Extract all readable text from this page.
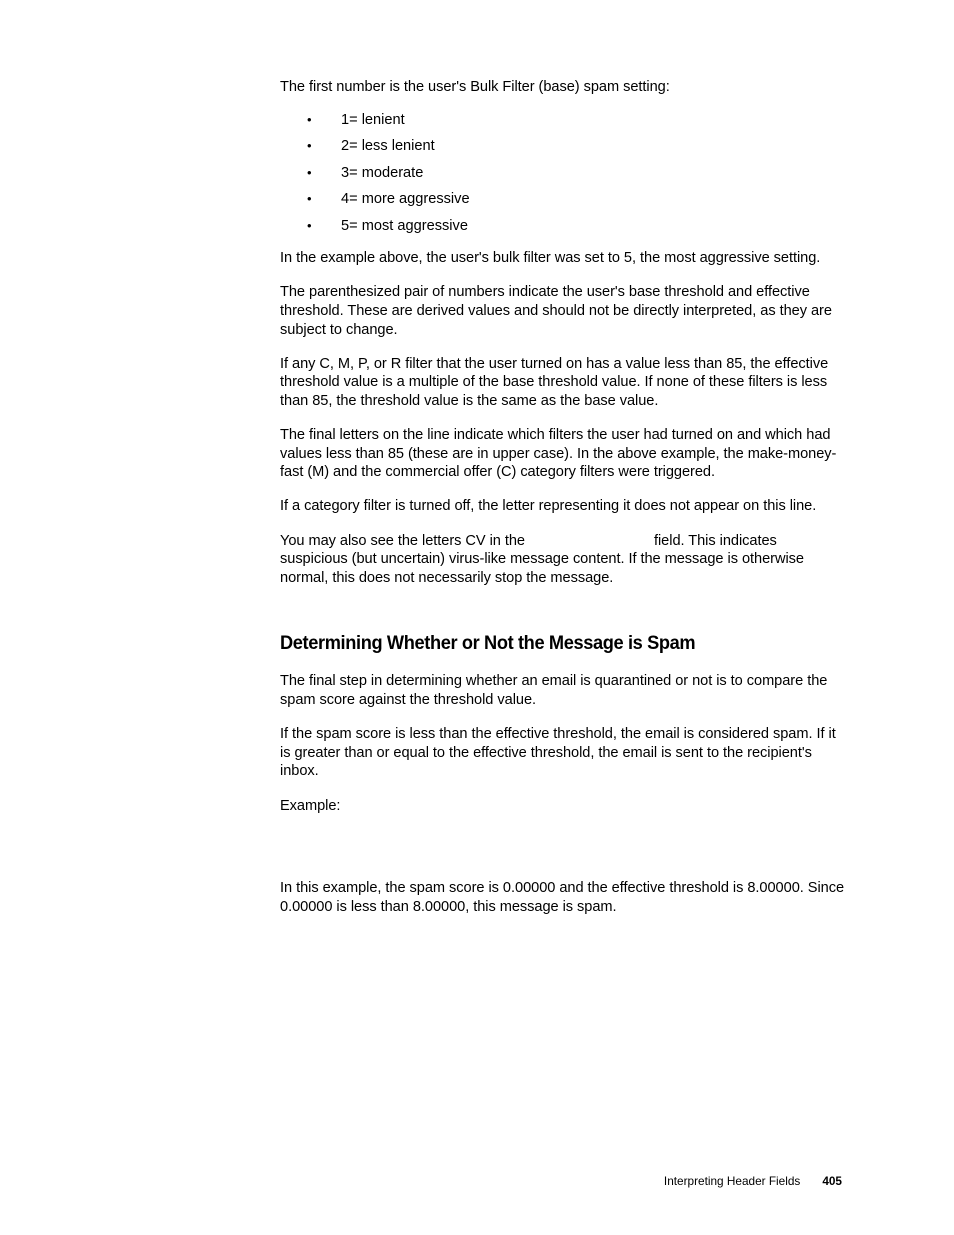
The first number is the user's Bulk Filter (base) spam setting:

• 1= lenient
• 2= less lenient
• 3= moderate
• 4= more aggressive
• 5= most aggressive

In the example above, the user's bulk filter was set to 5, the most aggressive setting.

The parenthesized pair of numbers indicate the user's base threshold and effective threshold. These are derived values and should not be directly interpreted, as they are subject to change.

If any C, M, P, or R filter that the user turned on has a value less than 85, the effective threshold value is a multiple of the base threshold value. If none of these filters is less than 85, the threshold value is the same as the base value.

The final letters on the line indicate which filters the user had turned on and which had values less than 85 (these are in upper case). In the above example, the make-money-fast (M) and the commercial offer (C) category filters were triggered.

If a category filter is turned off, the letter representing it does not appear on this line.

You may also see the letters CV in the	field. This indicates suspicious (but uncertain) virus-like message content. If the message is otherwise normal, this does not necessarily stop the message.

Determining Whether or Not the Message is Spam

The final step in determining whether an email is quarantined or not is to compare the spam score against the threshold value.

If the spam score is less than the effective threshold, the email is considered spam. If it is greater than or equal to the effective threshold, the email is sent to the recipient's inbox.

Example:

In this example, the spam score is 0.00000 and the effective threshold is 8.00000. Since 0.00000 is less than 8.00000, this message is spam.

Interpreting Header Fields 405
